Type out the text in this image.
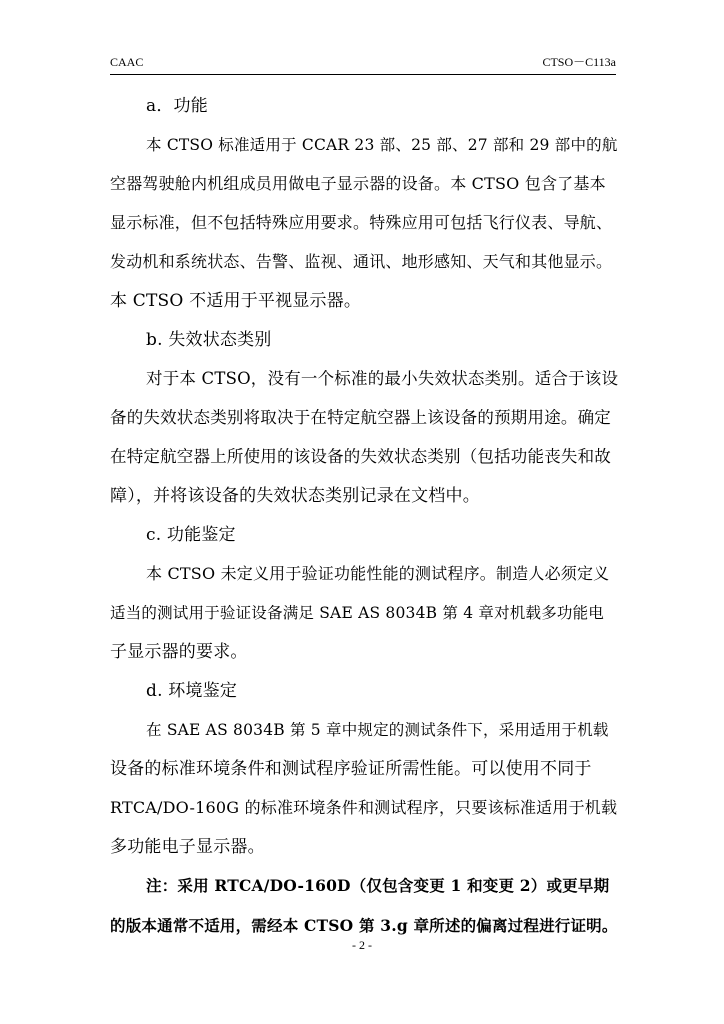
CAAC	CTSO－C113a
a．功能
本 CTSO 标准适用于 CCAR 23 部、25 部、27 部和 29 部中的航
空器驾驶舱内机组成员用做电子显示器的设备。本 CTSO 包含了基本
显示标准，但不包括特殊应用要求。特殊应用可包括飞行仪表、导航、
发动机和系统状态、告警、监视、通讯、地形感知、天气和其他显示。
本 CTSO 不适用于平视显示器。
b. 失效状态类别
对于本 CTSO，没有一个标准的最小失效状态类别。适合于该设
备的失效状态类别将取决于在特定航空器上该设备的预期用途。确定
在特定航空器上所使用的该设备的失效状态类别（包括功能丧失和故
障），并将该设备的失效状态类别记录在文档中。
c. 功能鉴定
本 CTSO 未定义用于验证功能性能的测试程序。制造人必须定义
适当的测试用于验证设备满足 SAE AS 8034B 第 4 章对机载多功能电
子显示器的要求。
d. 环境鉴定
在 SAE AS 8034B 第 5 章中规定的测试条件下，采用适用于机载
设备的标准环境条件和测试程序验证所需性能。可以使用不同于
RTCA/DO-160G 的标准环境条件和测试程序，只要该标准适用于机载
多功能电子显示器。
注：采用 RTCA/DO-160D（仅包含变更 1 和变更 2）或更早期
的版本通常不适用，需经本 CTSO 第 3.g 章所述的偏离过程进行证明。
- 2 -
